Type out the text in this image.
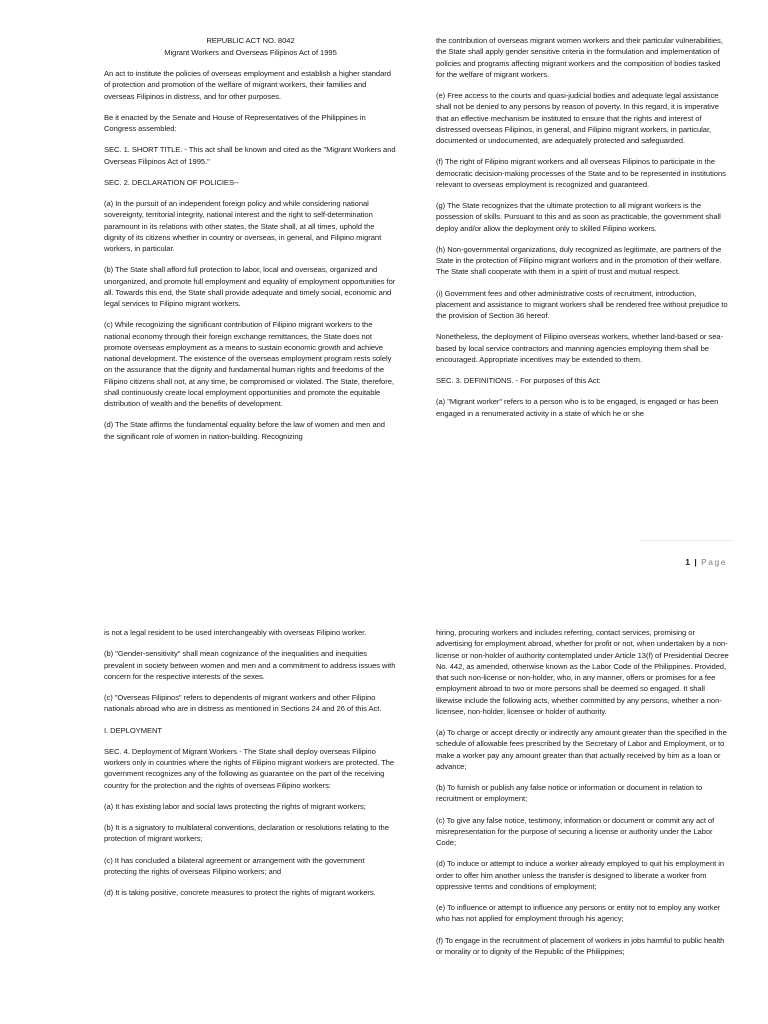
REPUBLIC ACT NO. 8042
Migrant Workers and Overseas Filipinos Act of 1995

An act to institute the policies of overseas employment and establish a higher standard of protection and promotion of the welfare of migrant workers, their families and overseas Filipinos in distress, and for other purposes.

Be it enacted by the Senate and House of Representatives of the Philippines in Congress assembled:

SEC. 1. SHORT TITLE. - This act shall be known and cited as the "Migrant Workers and Overseas Filipinos Act of 1995."

SEC. 2. DECLARATION OF POLICIES--

(a) In the pursuit of an independent foreign policy and while considering national sovereignty, territorial integrity, national interest and the right to self-determination paramount in its relations with other states, the State shall, at all times, uphold the dignity of its citizens whether in country or overseas, in general, and Filipino migrant workers, in particular.

(b) The State shall afford full protection to labor, local and overseas, organized and unorganized, and promote full employment and equality of employment opportunities for all. Towards this end, the State shall provide adequate and timely social, economic and legal services to Filipino migrant workers.

(c) While recognizing the significant contribution of Filipino migrant workers to the national economy through their foreign exchange remittances, the State does not promote overseas employment as a means to sustain economic growth and achieve national development. The existence of the overseas employment program rests solely on the assurance that the dignity and fundamental human rights and freedoms of the Filipino citizens shall not, at any time, be compromised or violated. The State, therefore, shall continuously create local employment opportunities and promote the equitable distribution of wealth and the benefits of development.

(d) The State affirms the fundamental equality before the law of women and men and the significant role of women in nation-building. Recognizing

the contribution of overseas migrant women workers and their particular vulnerabilities, the State shall apply gender sensitive criteria in the formulation and implementation of policies and programs affecting migrant workers and the composition of bodies tasked for the welfare of migrant workers.

(e) Free access to the courts and quasi-judicial bodies and adequate legal assistance shall not be denied to any persons by reason of poverty. In this regard, it is imperative that an effective mechanism be instituted to ensure that the rights and interest of distressed overseas Filipinos, in general, and Filipino migrant workers, in particular, documented or undocumented, are adequately protected and safeguarded.

(f) The right of Filipino migrant workers and all overseas Filipinos to participate in the democratic decision-making processes of the State and to be represented in institutions relevant to overseas employment is recognized and guaranteed.

(g) The State recognizes that the ultimate protection to all migrant workers is the possession of skills. Pursuant to this and as soon as practicable, the government shall deploy and/or allow the deployment only to skilled Filipino workers.

(h) Non-governmental organizations, duly recognized as legitimate, are partners of the State in the protection of Filipino migrant workers and in the promotion of their welfare. The State shall cooperate with them in a spirit of trust and mutual respect.

(i) Government fees and other administrative costs of recruitment, introduction, placement and assistance to migrant workers shall be rendered free without prejudice to the provision of Section 36 hereof.

Nonetheless, the deployment of Filipino overseas workers, whether land-based or sea-based by local service contractors and manning agencies employing them shall be encouraged. Appropriate incentives may be extended to them.

SEC. 3. DEFINITIONS. - For purposes of this Act:

(a) "Migrant worker" refers to a person who is to be engaged, is engaged or has been engaged in a renumerated activity in a state of which he or she

1 | Page

is not a legal resident to be used interchangeably with overseas Filipino worker.

(b) "Gender-sensitivity" shall mean cognizance of the inequalities and inequities prevalent in society between women and men and a commitment to address issues with concern for the respective interests of the sexes.

(c) "Overseas Filipinos" refers to dependents of migrant workers and other Filipino nationals abroad who are in distress as mentioned in Sections 24 and 26 of this Act.

I. DEPLOYMENT

SEC. 4. Deployment of Migrant Workers - The State shall deploy overseas Filipino workers only in countries where the rights of Filipino migrant workers are protected. The government recognizes any of the following as guarantee on the part of the receiving country for the protection and the rights of overseas Filipino workers:

(a) It has existing labor and social laws protecting the rights of migrant workers;

(b) It is a signatory to multilateral conventions, declaration or resolutions relating to the protection of migrant workers;

(c) It has concluded a bilateral agreement or arrangement with the government protecting the rights of overseas Filipino workers; and

(d) It is taking positive, concrete measures to protect the rights of migrant workers.

hiring, procuring workers and includes referring, contact services, promising or advertising for employment abroad, whether for profit or not, when undertaken by a non-license or non-holder of authority contemplated under Article 13(f) of Presidential Decree No. 442, as amended, otherwise known as the Labor Code of the Philippines. Provided, that such non-license or non-holder, who, in any manner, offers or promises for a fee employment abroad to two or more persons shall be deemed so engaged. It shall likewise include the following acts, whether committed by any persons, whether a non-licensee, non-holder, licensee or holder of authority.

(a) To charge or accept directly or indirectly any amount greater than the specified in the schedule of allowable fees prescribed by the Secretary of Labor and Employment, or to make a worker pay any amount greater than that actually received by him as a loan or advance;

(b) To furnish or publish any false notice or information or document in relation to recruitment or employment;

(c) To give any false notice, testimony, information or document or commit any act of misrepresentation for the purpose of securing a license or authority under the Labor Code;

(d) To induce or attempt to induce a worker already employed to quit his employment in order to offer him another unless the transfer is designed to liberate a worker from oppressive terms and conditions of employment;

(e) To influence or attempt to influence any persons or entity not to employ any worker who has not applied for employment through his agency;

(f) To engage in the recruitment of placement of workers in jobs harmful to public health or morality or to dignity of the Republic of the Philippines;
